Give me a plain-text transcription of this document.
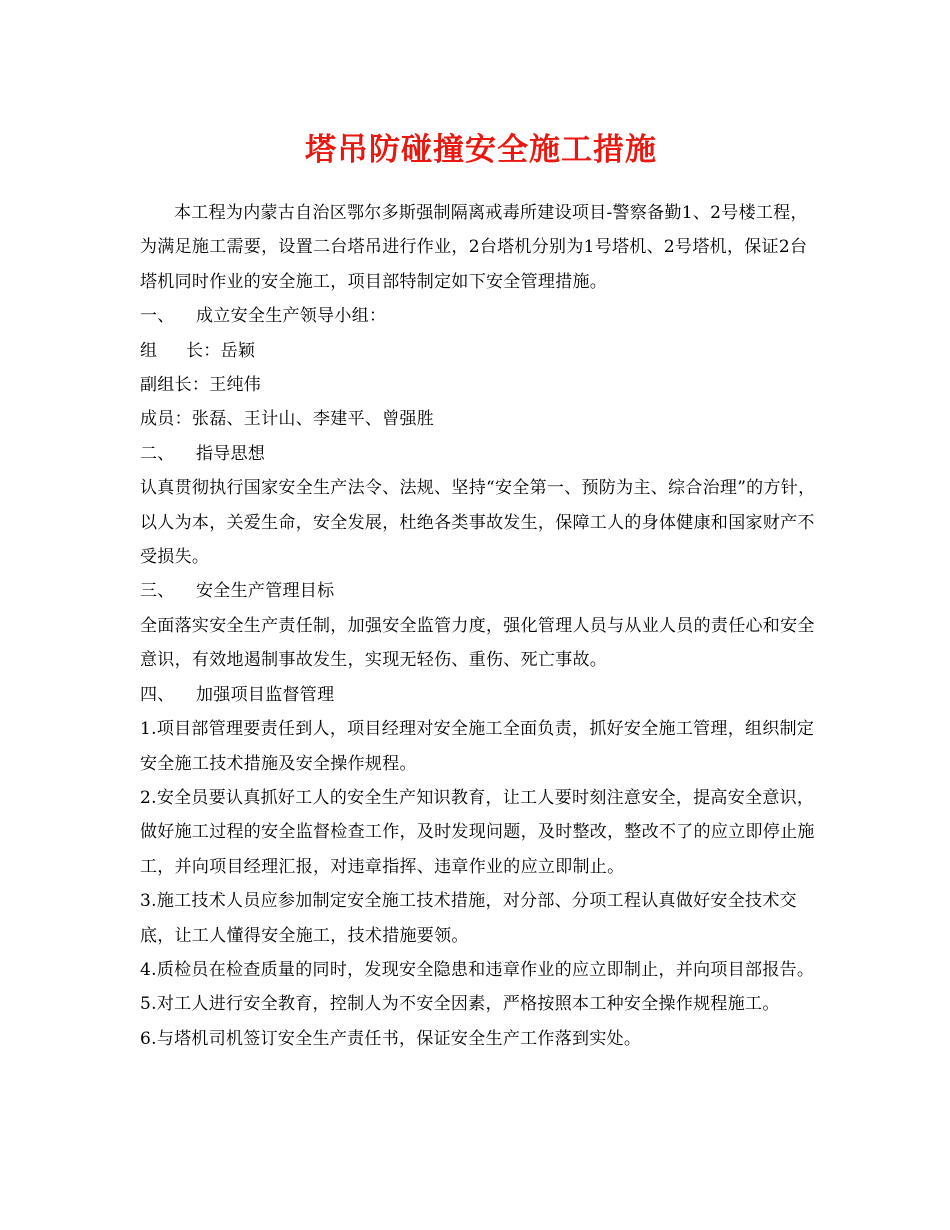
塔吊防碰撞安全施工措施

本工程为内蒙古自治区鄂尔多斯强制隔离戒毒所建设项目-警察备勤1、2号楼工程，为满足施工需要，设置二台塔吊进行作业，2台塔机分别为1号塔机、2号塔机，保证2台塔机同时作业的安全施工，项目部特制定如下安全管理措施。

一、 成立安全生产领导小组：

组 长：岳颖

副组长：王纯伟

成员：张磊、王计山、李建平、曾强胜

二、 指导思想

认真贯彻执行国家安全生产法令、法规、坚持“安全第一、预防为主、综合治理”的方针，以人为本，关爱生命，安全发展，杜绝各类事故发生，保障工人的身体健康和国家财产不受损失。

三、 安全生产管理目标

全面落实安全生产责任制，加强安全监管力度，强化管理人员与从业人员的责任心和安全意识，有效地遏制事故发生，实现无轻伤、重伤、死亡事故。

四、 加强项目监督管理

1.项目部管理要责任到人，项目经理对安全施工全面负责，抓好安全施工管理，组织制定安全施工技术措施及安全操作规程。

2.安全员要认真抓好工人的安全生产知识教育，让工人要时刻注意安全，提高安全意识，做好施工过程的安全监督检查工作，及时发现问题，及时整改，整改不了的应立即停止施工，并向项目经理汇报，对违章指挥、违章作业的应立即制止。

3.施工技术人员应参加制定安全施工技术措施，对分部、分项工程认真做好安全技术交底，让工人懂得安全施工，技术措施要领。

4.质检员在检查质量的同时，发现安全隐患和违章作业的应立即制止，并向项目部报告。

5.对工人进行安全教育，控制人为不安全因素，严格按照本工种安全操作规程施工。

6.与塔机司机签订安全生产责任书，保证安全生产工作落到实处。
